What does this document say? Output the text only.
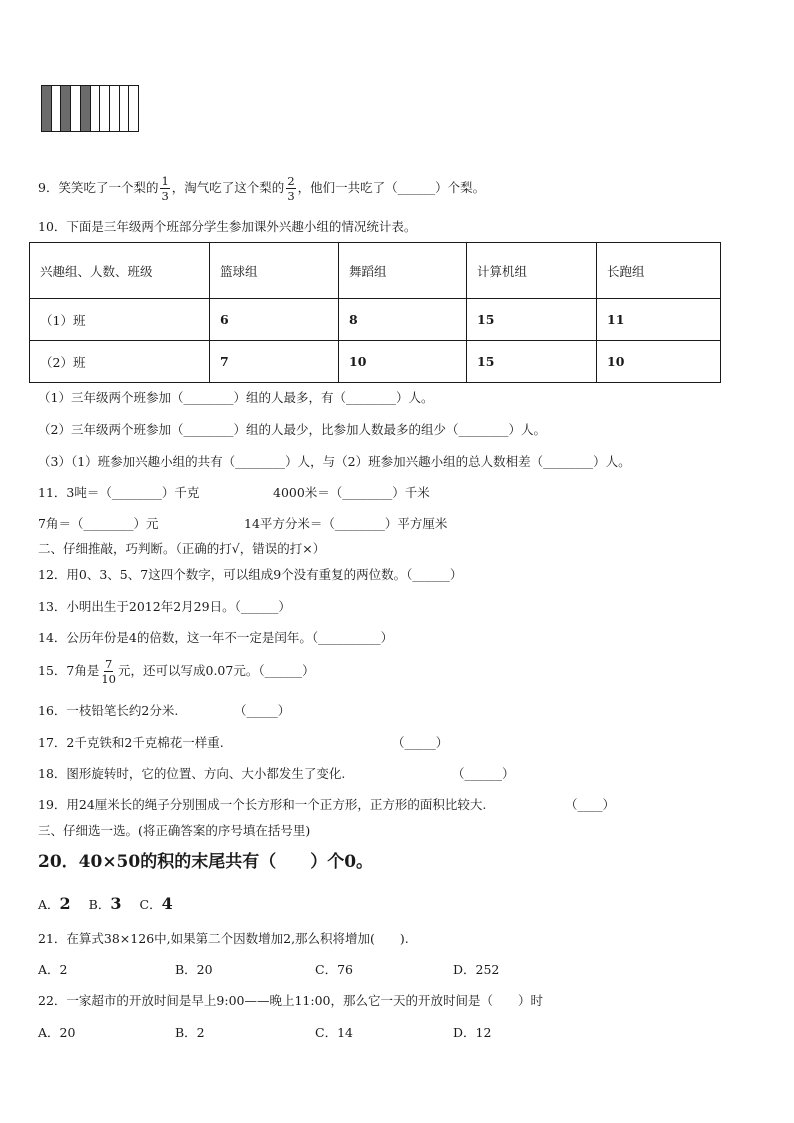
9．笑笑吃了一个梨的 $\frac{1}{3}$ ，淘气吃了这个梨的 $\frac{2}{3}$ ，他们一共吃了（______）个梨。
10．下面是三年级两个班部分学生参加课外兴趣小组的情况统计表。
兴趣组、人数、班级	篮球组	舞蹈组	计算机组	长跑组
（1）班	6	8	15	11
（2）班	7	10	15	10
（1）三年级两个班参加（________）组的人最多，有（________）人。
（2）三年级两个班参加（________）组的人最少，比参加人数最多的组少（________）人。
（3）（1）班参加兴趣小组的共有（________）人，与（2）班参加兴趣小组的总人数相差（________）人。
11．3吨＝（________）千克	4000米＝（________）千米
7角＝（________）元	14平方分米＝（________）平方厘米
二、仔细推敲，巧判断。（正确的打√，错误的打×）
12．用0、3、5、7这四个数字，可以组成9个没有重复的两位数。（______）
13．小明出生于2012年2月29日。（______）
14．公历年份是4的倍数，这一年不一定是闰年。（__________）
15．7角是 $\frac{7}{10}$ 元，还可以写成0.07元。（______）
16．一枝铅笔长约2分米.	（_____）
17．2千克铁和2千克棉花一样重.	（_____）
18．图形旋转时，它的位置、方向、大小都发生了变化.	（______）
19．用24厘米长的绳子分别围成一个长方形和一个正方形，正方形的面积比较大.	（____）
三、仔细选一选。(将正确答案的序号填在括号里)
20．40×50的积的末尾共有（　　）个0。
A．2 B．3 C．4
21．在算式38×126中,如果第二个因数增加2,那么积将增加(　　).
A．2	B．20	C．76	D．252
22．一家超市的开放时间是早上9:00——晚上11:00，那么它一天的开放时间是（　　）时
A．20	B．2	C．14	D．12
